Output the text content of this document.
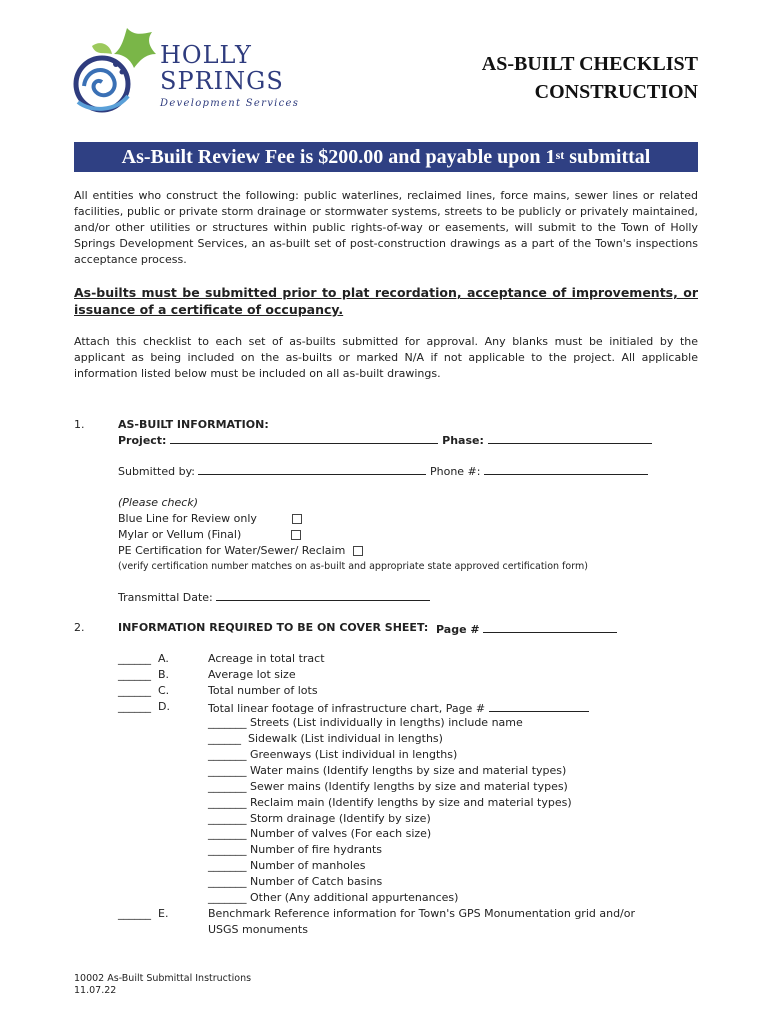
HOLLY
SPRINGS
Development Services
AS-BUILT CHECKLIST
CONSTRUCTION
As-Built Review Fee is $200.00 and payable upon 1st submittal
All entities who construct the following: public waterlines, reclaimed lines, force mains, sewer lines or related facilities, public or private storm drainage or stormwater systems, streets to be publicly or privately maintained, and/or other utilities or structures within public rights-of-way or easements, will submit to the Town of Holly Springs Development Services, an as-built set of post-construction drawings as a part of the Town's inspections acceptance process.
As-builts must be submitted prior to plat recordation, acceptance of improvements, or issuance of a certificate of occupancy.
Attach this checklist to each set of as-builts submitted for approval. Any blanks must be initialed by the applicant as being included on the as-builts or marked N/A if not applicable to the project. All applicable information listed below must be included on all as-built drawings.
1.	AS-BUILT INFORMATION:
Project:	Phase:
Submitted by:	Phone #:
(Please check)
Blue Line for Review only
Mylar or Vellum (Final)
PE Certification for Water/Sewer/ Reclaim
(verify certification number matches on as-built and appropriate state approved certification form)
Transmittal Date:
2.	INFORMATION REQUIRED TO BE ON COVER SHEET: Page #
______ A.	Acreage in total tract
______ B.	Average lot size
______ C.	Total number of lots
______ D.	Total linear footage of infrastructure chart, Page #
_______ Streets (List individually in lengths) include name
______  Sidewalk (List individual in lengths)
_______ Greenways (List individual in lengths)
_______ Water mains (Identify lengths by size and material types)
_______ Sewer mains (Identify lengths by size and material types)
_______ Reclaim main (Identify lengths by size and material types)
_______ Storm drainage (Identify by size)
_______ Number of valves (For each size)
_______ Number of fire hydrants
_______ Number of manholes
_______ Number of Catch basins
_______ Other (Any additional appurtenances)
______ E.	Benchmark Reference information for Town's GPS Monumentation grid and/or
USGS monuments
10002 As-Built Submittal Instructions
11.07.22
